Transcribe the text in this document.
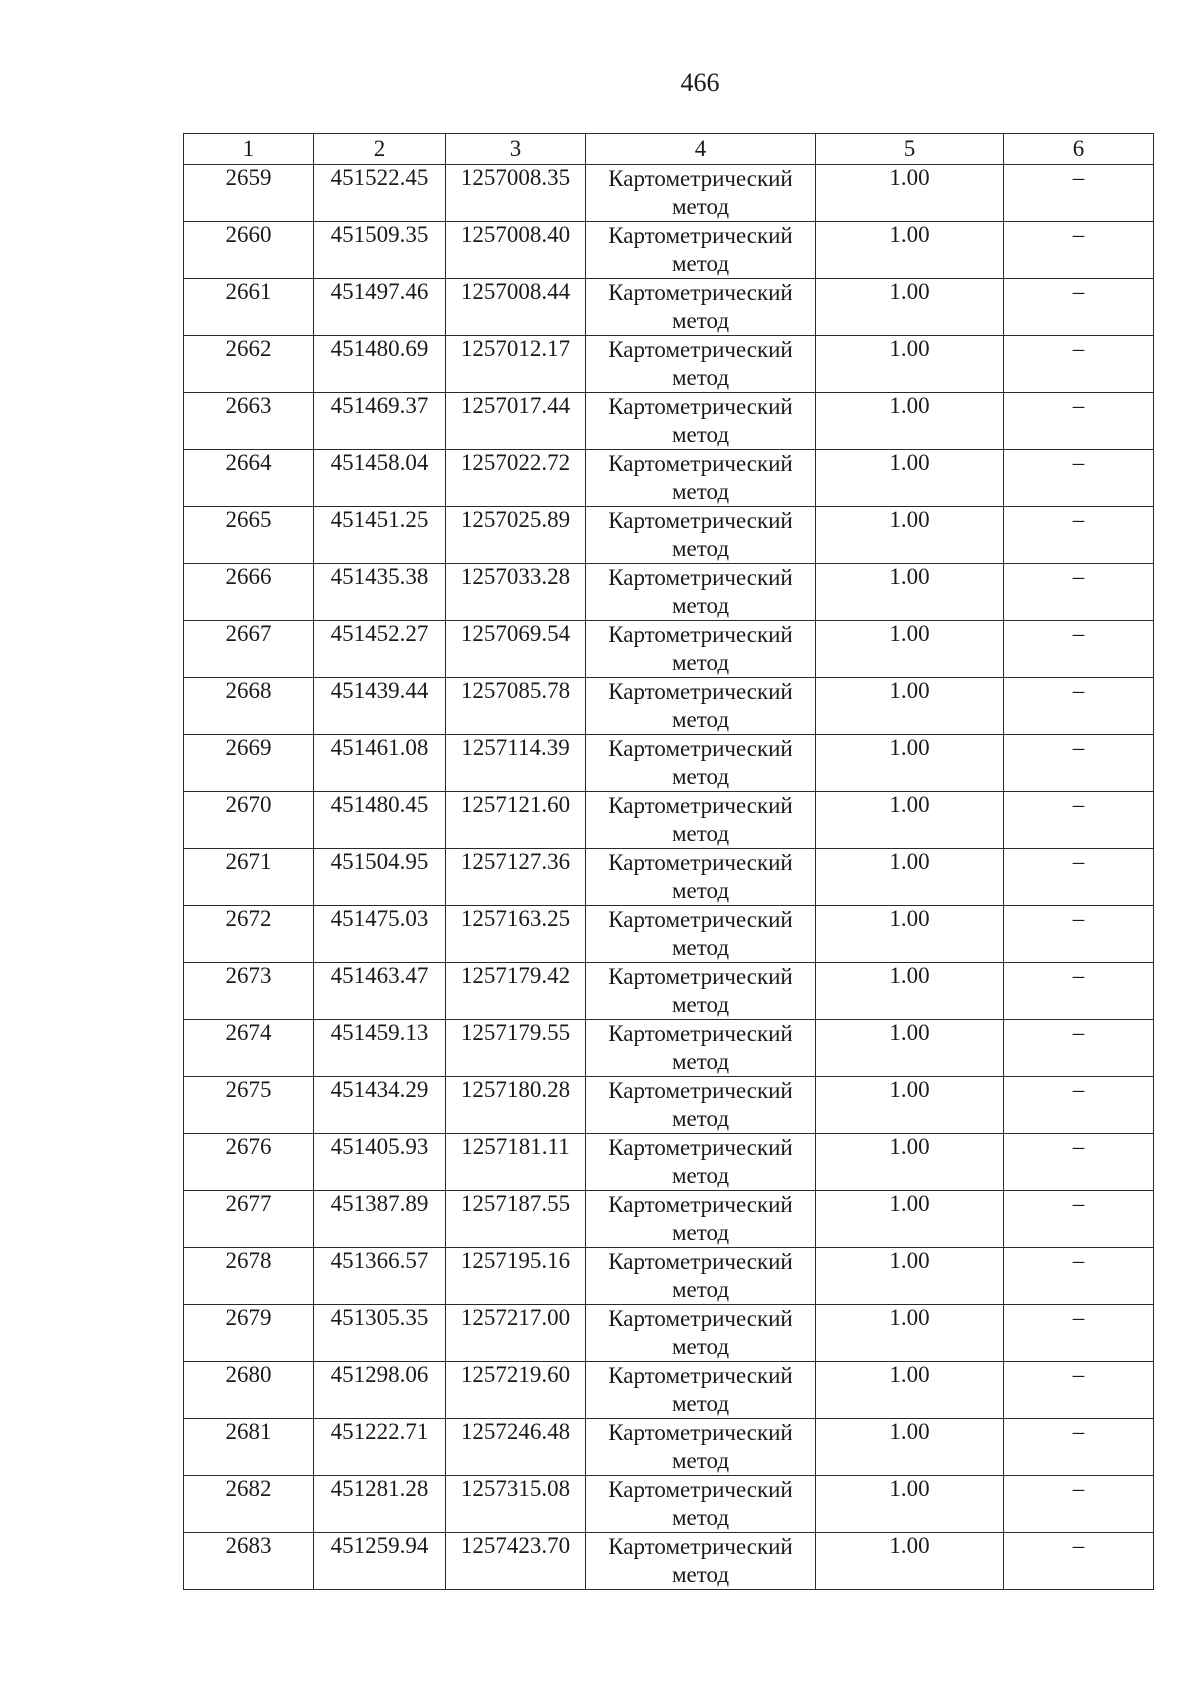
466
1	2	3	4	5	6
2659	451522.45	1257008.35	Картометрический
метод	1.00	–
2660	451509.35	1257008.40	Картометрический
метод	1.00	–
2661	451497.46	1257008.44	Картометрический
метод	1.00	–
2662	451480.69	1257012.17	Картометрический
метод	1.00	–
2663	451469.37	1257017.44	Картометрический
метод	1.00	–
2664	451458.04	1257022.72	Картометрический
метод	1.00	–
2665	451451.25	1257025.89	Картометрический
метод	1.00	–
2666	451435.38	1257033.28	Картометрический
метод	1.00	–
2667	451452.27	1257069.54	Картометрический
метод	1.00	–
2668	451439.44	1257085.78	Картометрический
метод	1.00	–
2669	451461.08	1257114.39	Картометрический
метод	1.00	–
2670	451480.45	1257121.60	Картометрический
метод	1.00	–
2671	451504.95	1257127.36	Картометрический
метод	1.00	–
2672	451475.03	1257163.25	Картометрический
метод	1.00	–
2673	451463.47	1257179.42	Картометрический
метод	1.00	–
2674	451459.13	1257179.55	Картометрический
метод	1.00	–
2675	451434.29	1257180.28	Картометрический
метод	1.00	–
2676	451405.93	1257181.11	Картометрический
метод	1.00	–
2677	451387.89	1257187.55	Картометрический
метод	1.00	–
2678	451366.57	1257195.16	Картометрический
метод	1.00	–
2679	451305.35	1257217.00	Картометрический
метод	1.00	–
2680	451298.06	1257219.60	Картометрический
метод	1.00	–
2681	451222.71	1257246.48	Картометрический
метод	1.00	–
2682	451281.28	1257315.08	Картометрический
метод	1.00	–
2683	451259.94	1257423.70	Картометрический
метод	1.00	–
